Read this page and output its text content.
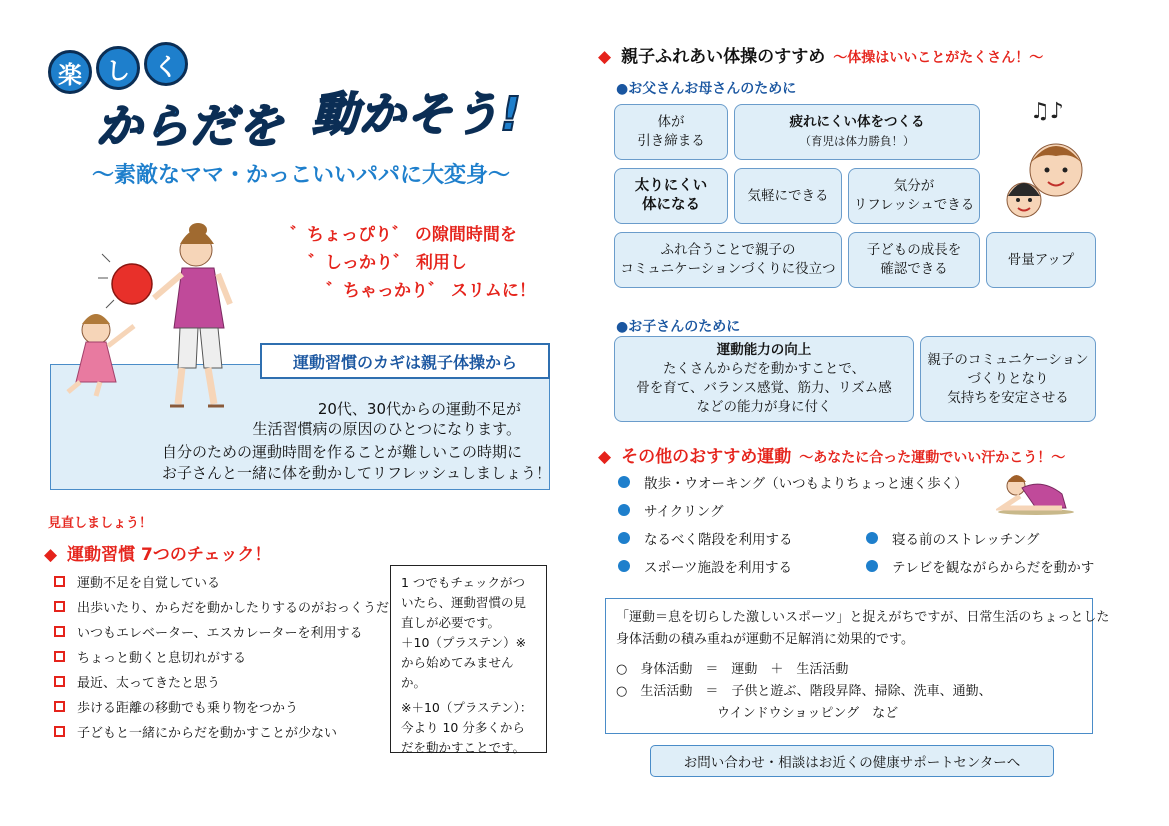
楽	し	く
からだを 動かそう!
～素敵なママ・かっこいいパパに大変身～
゛ちょっぴり゛ の隙間時間を
゛しっかり゛ 利用し
゛ちゃっかり゛ スリムに！
運動習慣のカギは親子体操から
20代、30代からの運動不足が
生活習慣病の原因のひとつになります。
自分のための運動時間を作ることが難しいこの時期に
お子さんと一緒に体を動かしてリフレッシュしましょう！
見直しましょう！
◆ 運動習慣 7つのチェック！
運動不足を自覚している
出歩いたり、からだを動かしたりするのがおっくうだ
いつもエレベーター、エスカレーターを利用する
ちょっと動くと息切れがする
最近、太ってきたと思う
歩ける距離の移動でも乗り物をつかう
子どもと一緒にからだを動かすことが少ない
1 つでもチェックがついたら、運動習慣の見直しが必要です。
＋10（プラステン）※から始めてみませんか。
※＋10（プラステン）：今より 10 分多くからだを動かすことです。
◆ 親子ふれあい体操のすすめ ～体操はいいことがたくさん！～
●お父さんお母さんのために
体が
引き締まる
疲れにくい体をつくる
（育児は体力勝負！）
太りにくい
体になる
気軽にできる
気分が
リフレッシュできる
ふれ合うことで親子の
コミュニケーションづくりに役立つ
子どもの成長を
確認できる
骨量アップ
♫♪
●お子さんのために
運動能力の向上
たくさんからだを動かすことで、
骨を育て、バランス感覚、筋力、リズム感
などの能力が身に付く
親子のコミュニケーション
づくりとなり
気持ちを安定させる
◆ その他のおすすめ運動 ～あなたに合った運動でいい汗かこう！～
散歩・ウオーキング（いつもよりちょっと速く歩く）
サイクリング
なるべく階段を利用する
スポーツ施設を利用する
寝る前のストレッチング
テレビを観ながらからだを動かす
「運動＝息を切らした激しいスポーツ」と捉えがちですが、日常生活のちょっとした
身体活動の積み重ねが運動不足解消に効果的です。
○　身体活動　＝　運動　＋　生活活動
○　生活活動　＝　子供と遊ぶ、階段昇降、掃除、洗車、通勤、
ウインドウショッピング　など
お問い合わせ・相談はお近くの健康サポートセンターへ
